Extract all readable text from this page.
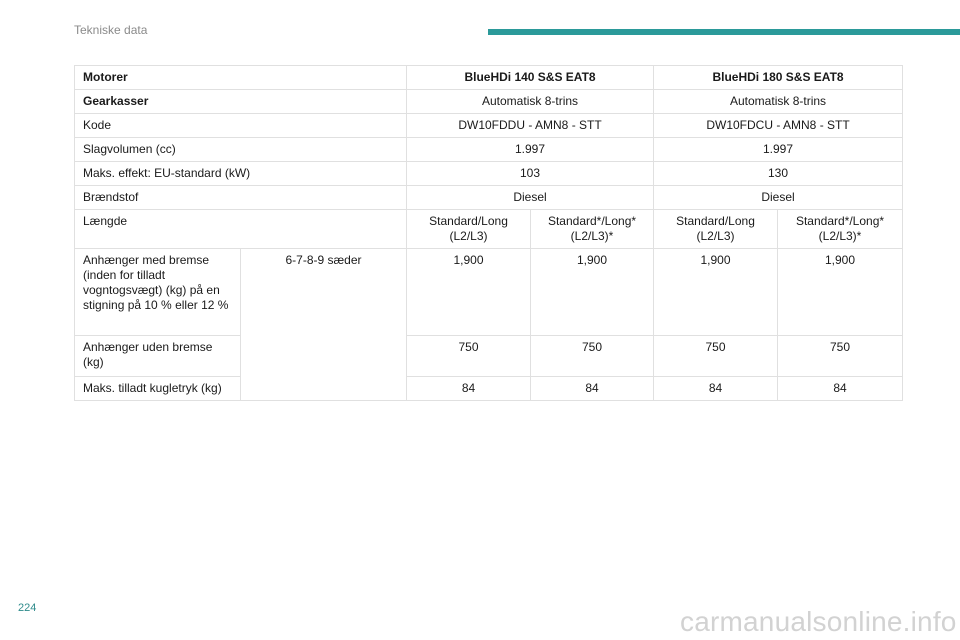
Tekniske data
Motorer		BlueHDi 140 S&S EAT8		BlueHDi 180 S&S EAT8	
Gearkasser		Automatisk 8-trins		Automatisk 8-trins	
Kode		DW10FDDU - AMN8 - STT		DW10FDCU - AMN8 - STT	
Slagvolumen (cc)		1.997		1.997	
Maks. effekt: EU-standard (kW)		103		130	
Brændstof		Diesel		Diesel	
Længde		Standard/Long (L2/L3)	Standard*/Long* (L2/L3)*	Standard/Long (L2/L3)	Standard*/Long* (L2/L3)*
Anhænger med bremse (inden for tilladt vogntogsvægt) (kg) på en stigning på 10 % eller 12 %	6-7-8-9 sæder	1,900	1,900	1,900	1,900
Anhænger uden bremse (kg)		750	750	750	750
Maks. tilladt kugletryk (kg)		84	84	84	84
224	carmanualsonline.info
